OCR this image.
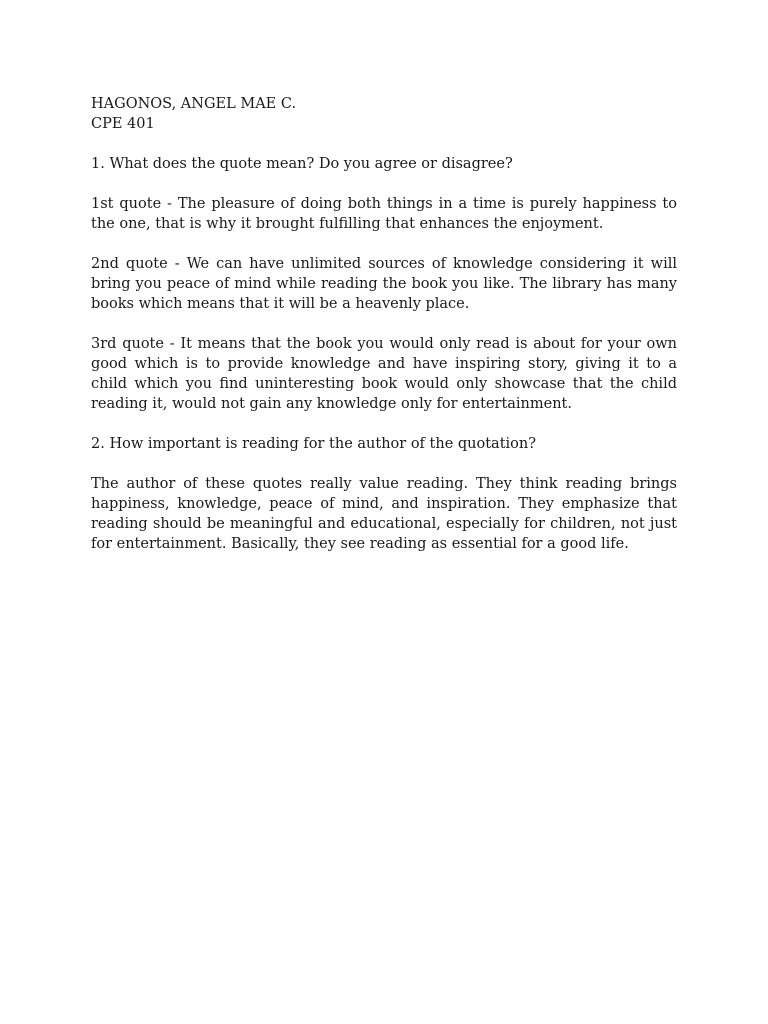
HAGONOS, ANGEL MAE C.

CPE 401

1. What does the quote mean? Do you agree or disagree?

1st quote - The pleasure of doing both things in a time is purely happiness to the one, that is why it brought fulfilling that enhances the enjoyment.

2nd quote - We can have unlimited sources of knowledge considering it will bring you peace of mind while reading the book you like. The library has many books which means that it will be a heavenly place.

3rd quote - It means that the book you would only read is about for your own good which is to provide knowledge and have inspiring story, giving it to a child which you find uninteresting book would only showcase that the child reading it, would not gain any knowledge only for entertainment.

2. How important is reading for the author of the quotation?

The author of these quotes really value reading. They think reading brings happiness, knowledge, peace of mind, and inspiration. They emphasize that reading should be meaningful and educational, especially for children, not just for entertainment. Basically, they see reading as essential for a good life.
